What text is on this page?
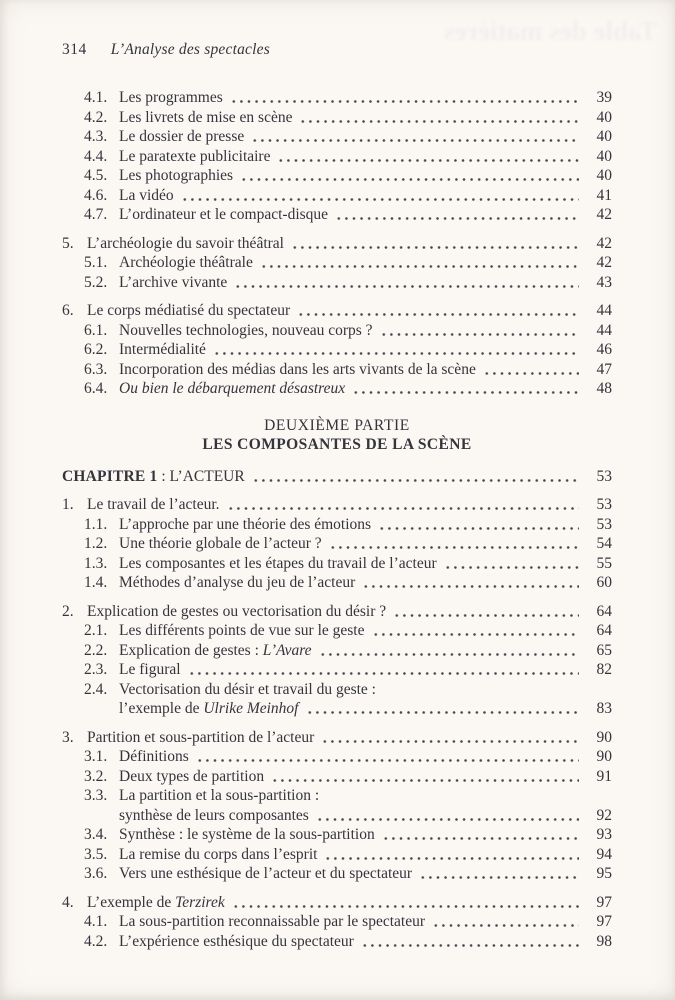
Table des matières
314 L’Analyse des spectacles
4.1. Les programmes	39
4.2. Les livrets de mise en scène	40
4.3. Le dossier de presse	40
4.4. Le paratexte publicitaire	40
4.5. Les photographies	40
4.6. La vidéo	41
4.7. L’ordinateur et le compact-disque	42
5. L’archéologie du savoir théâtral	42
5.1. Archéologie théâtrale	42
5.2. L’archive vivante	43
6. Le corps médiatisé du spectateur	44
6.1. Nouvelles technologies, nouveau corps ?	44
6.2. Intermédialité	46
6.3. Incorporation des médias dans les arts vivants de la scène	47
6.4. Ou bien le débarquement désastreux	48
DEUXIÈME PARTIE
LES COMPOSANTES DE LA SCÈNE
CHAPITRE 1 : L’ACTEUR	53
1. Le travail de l’acteur.	53
1.1. L’approche par une théorie des émotions	53
1.2. Une théorie globale de l’acteur ?	54
1.3. Les composantes et les étapes du travail de l’acteur	55
1.4. Méthodes d’analyse du jeu de l’acteur	60
2. Explication de gestes ou vectorisation du désir ?	64
2.1. Les différents points de vue sur le geste	64
2.2. Explication de gestes : L’Avare	65
2.3. Le figural	82
2.4. Vectorisation du désir et travail du geste :
l’exemple de Ulrike Meinhof	83
3. Partition et sous-partition de l’acteur	90
3.1. Définitions	90
3.2. Deux types de partition	91
3.3. La partition et la sous-partition :
synthèse de leurs composantes	92
3.4. Synthèse : le système de la sous-partition	93
3.5. La remise du corps dans l’esprit	94
3.6. Vers une esthésique de l’acteur et du spectateur	95
4. L’exemple de Terzirek	97
4.1. La sous-partition reconnaissable par le spectateur	97
4.2. L’expérience esthésique du spectateur	98
